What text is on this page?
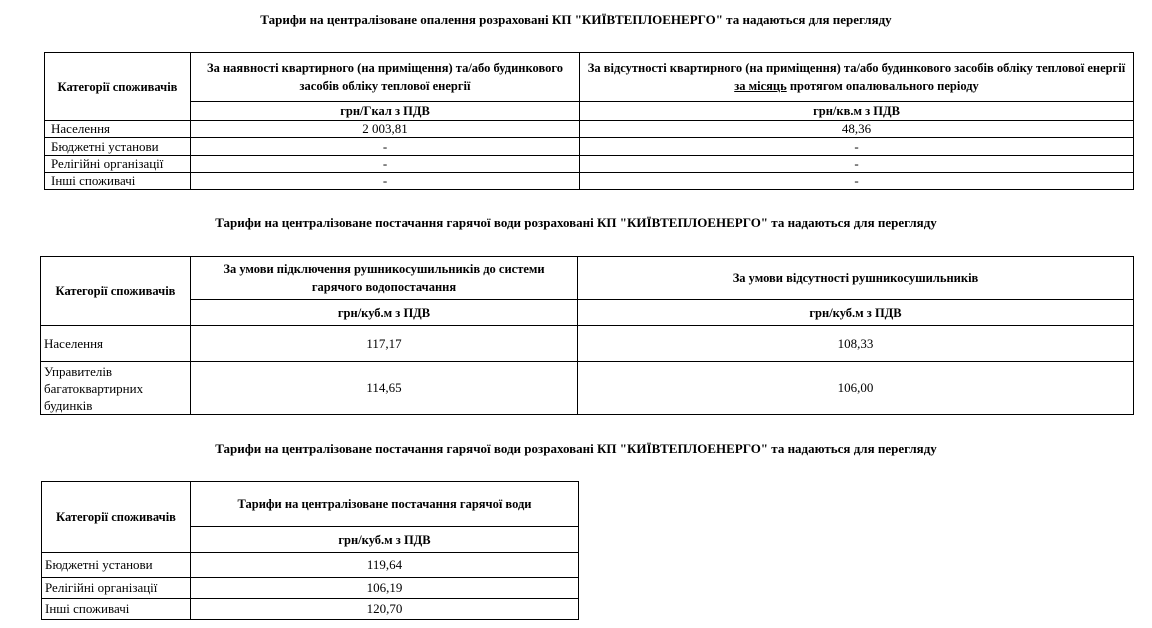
Тарифи на централізоване опалення розраховані КП "КИЇВТЕПЛОЕНЕРГО" та надаються для перегляду

Категорії споживачів	За наявності квартирного (на приміщення) та/або будинкового засобів обліку теплової енергії	За відсутності квартирного (на приміщення) та/або будинкового засобів обліку теплової енергії за місяць протягом опалювального періоду
	грн/Гкал з ПДВ	грн/кв.м з ПДВ
Населення	2 003,81	48,36
Бюджетні установи	-	-
Релігійні організації	-	-
Інші споживачі	-	-

Тарифи на централізоване постачання гарячої води розраховані КП "КИЇВТЕПЛОЕНЕРГО" та надаються для перегляду

Категорії споживачів	За умови підключення рушникосушильників до системи гарячого водопостачання	За умови відсутності рушникосушильників
	грн/куб.м з ПДВ	грн/куб.м з ПДВ
Населення	117,17	108,33
Управителів багатоквартирних будинків	114,65	106,00

Тарифи на централізоване постачання гарячої води розраховані КП "КИЇВТЕПЛОЕНЕРГО" та надаються для перегляду

Категорії споживачів	Тарифи на централізоване постачання гарячої води
	грн/куб.м з ПДВ
Бюджетні установи	119,64
Релігійні організації	106,19
Інші споживачі	120,70
